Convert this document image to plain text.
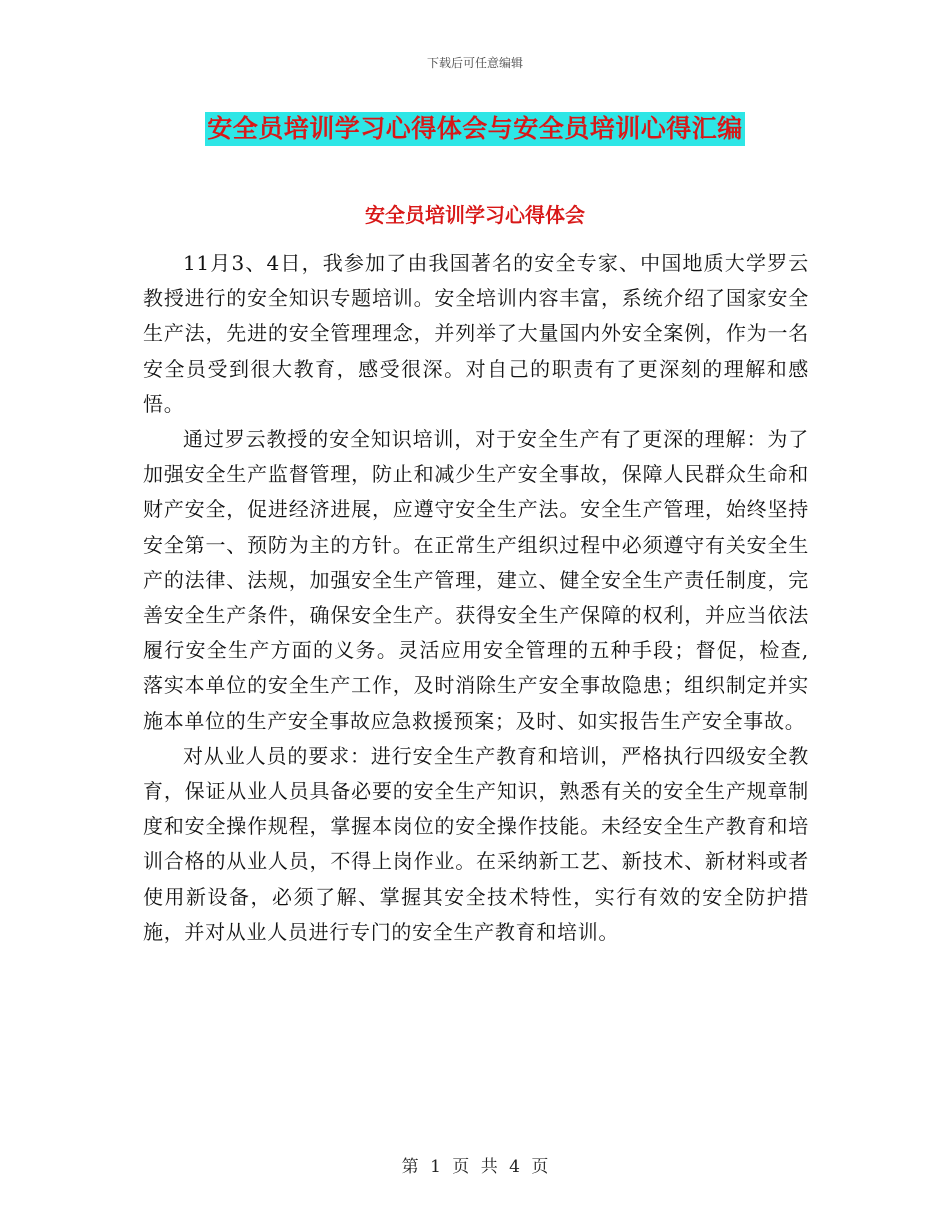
下载后可任意编辑
安全员培训学习心得体会与安全员培训心得汇编
安全员培训学习心得体会

11月3、4日，我参加了由我国著名的安全专家、中国地质大学罗云教授进行的安全知识专题培训。安全培训内容丰富，系统介绍了国家安全生产法，先进的安全管理理念，并列举了大量国内外安全案例，作为一名安全员受到很大教育，感受很深。对自己的职责有了更深刻的理解和感悟。

通过罗云教授的安全知识培训，对于安全生产有了更深的理解：为了加强安全生产监督管理，防止和减少生产安全事故，保障人民群众生命和财产安全，促进经济进展，应遵守安全生产法。安全生产管理，始终坚持安全第一、预防为主的方针。在正常生产组织过程中必须遵守有关安全生产的法律、法规，加强安全生产管理，建立、健全安全生产责任制度，完善安全生产条件，确保安全生产。获得安全生产保障的权利，并应当依法履行安全生产方面的义务。灵活应用安全管理的五种手段；督促，检查,落实本单位的安全生产工作，及时消除生产安全事故隐患；组织制定并实施本单位的生产安全事故应急救援预案；及时、如实报告生产安全事故。

对从业人员的要求：进行安全生产教育和培训，严格执行四级安全教育，保证从业人员具备必要的安全生产知识，熟悉有关的安全生产规章制度和安全操作规程，掌握本岗位的安全操作技能。未经安全生产教育和培训合格的从业人员，不得上岗作业。在采纳新工艺、新技术、新材料或者使用新设备，必须了解、掌握其安全技术特性，实行有效的安全防护措施，并对从业人员进行专门的安全生产教育和培训。

第 1 页 共 4 页
